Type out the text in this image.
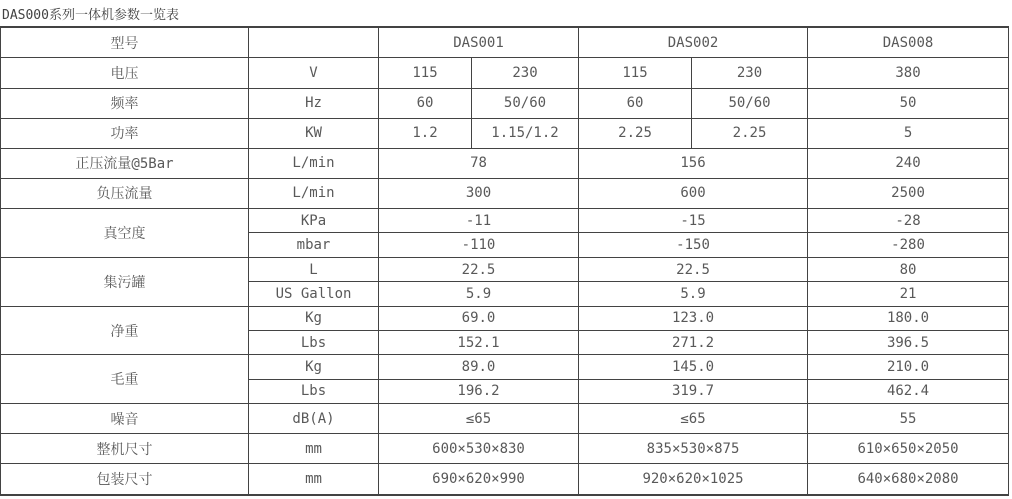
DAS000系列一体机参数一览表
型号		DAS001		DAS002		DAS008
电压	V	115	230	115	230	380
频率	Hz	60	50/60	60	50/60	50
功率	KW	1.2	1.15/1.2	2.25	2.25	5
正压流量@5Bar	L/min	78		156		240
负压流量	L/min	300		600		2500
真空度	KPa	-11		-15		-28
	mbar	-110		-150		-280
集污罐	L	22.5		22.5		80
	US Gallon	5.9		5.9		21
净重	Kg	69.0		123.0		180.0
	Lbs	152.1		271.2		396.5
毛重	Kg	89.0		145.0		210.0
	Lbs	196.2		319.7		462.4
噪音	dB(A)	≤65		≤65		55
整机尺寸	mm	600×530×830		835×530×875		610×650×2050
包装尺寸	mm	690×620×990		920×620×1025		640×680×2080
